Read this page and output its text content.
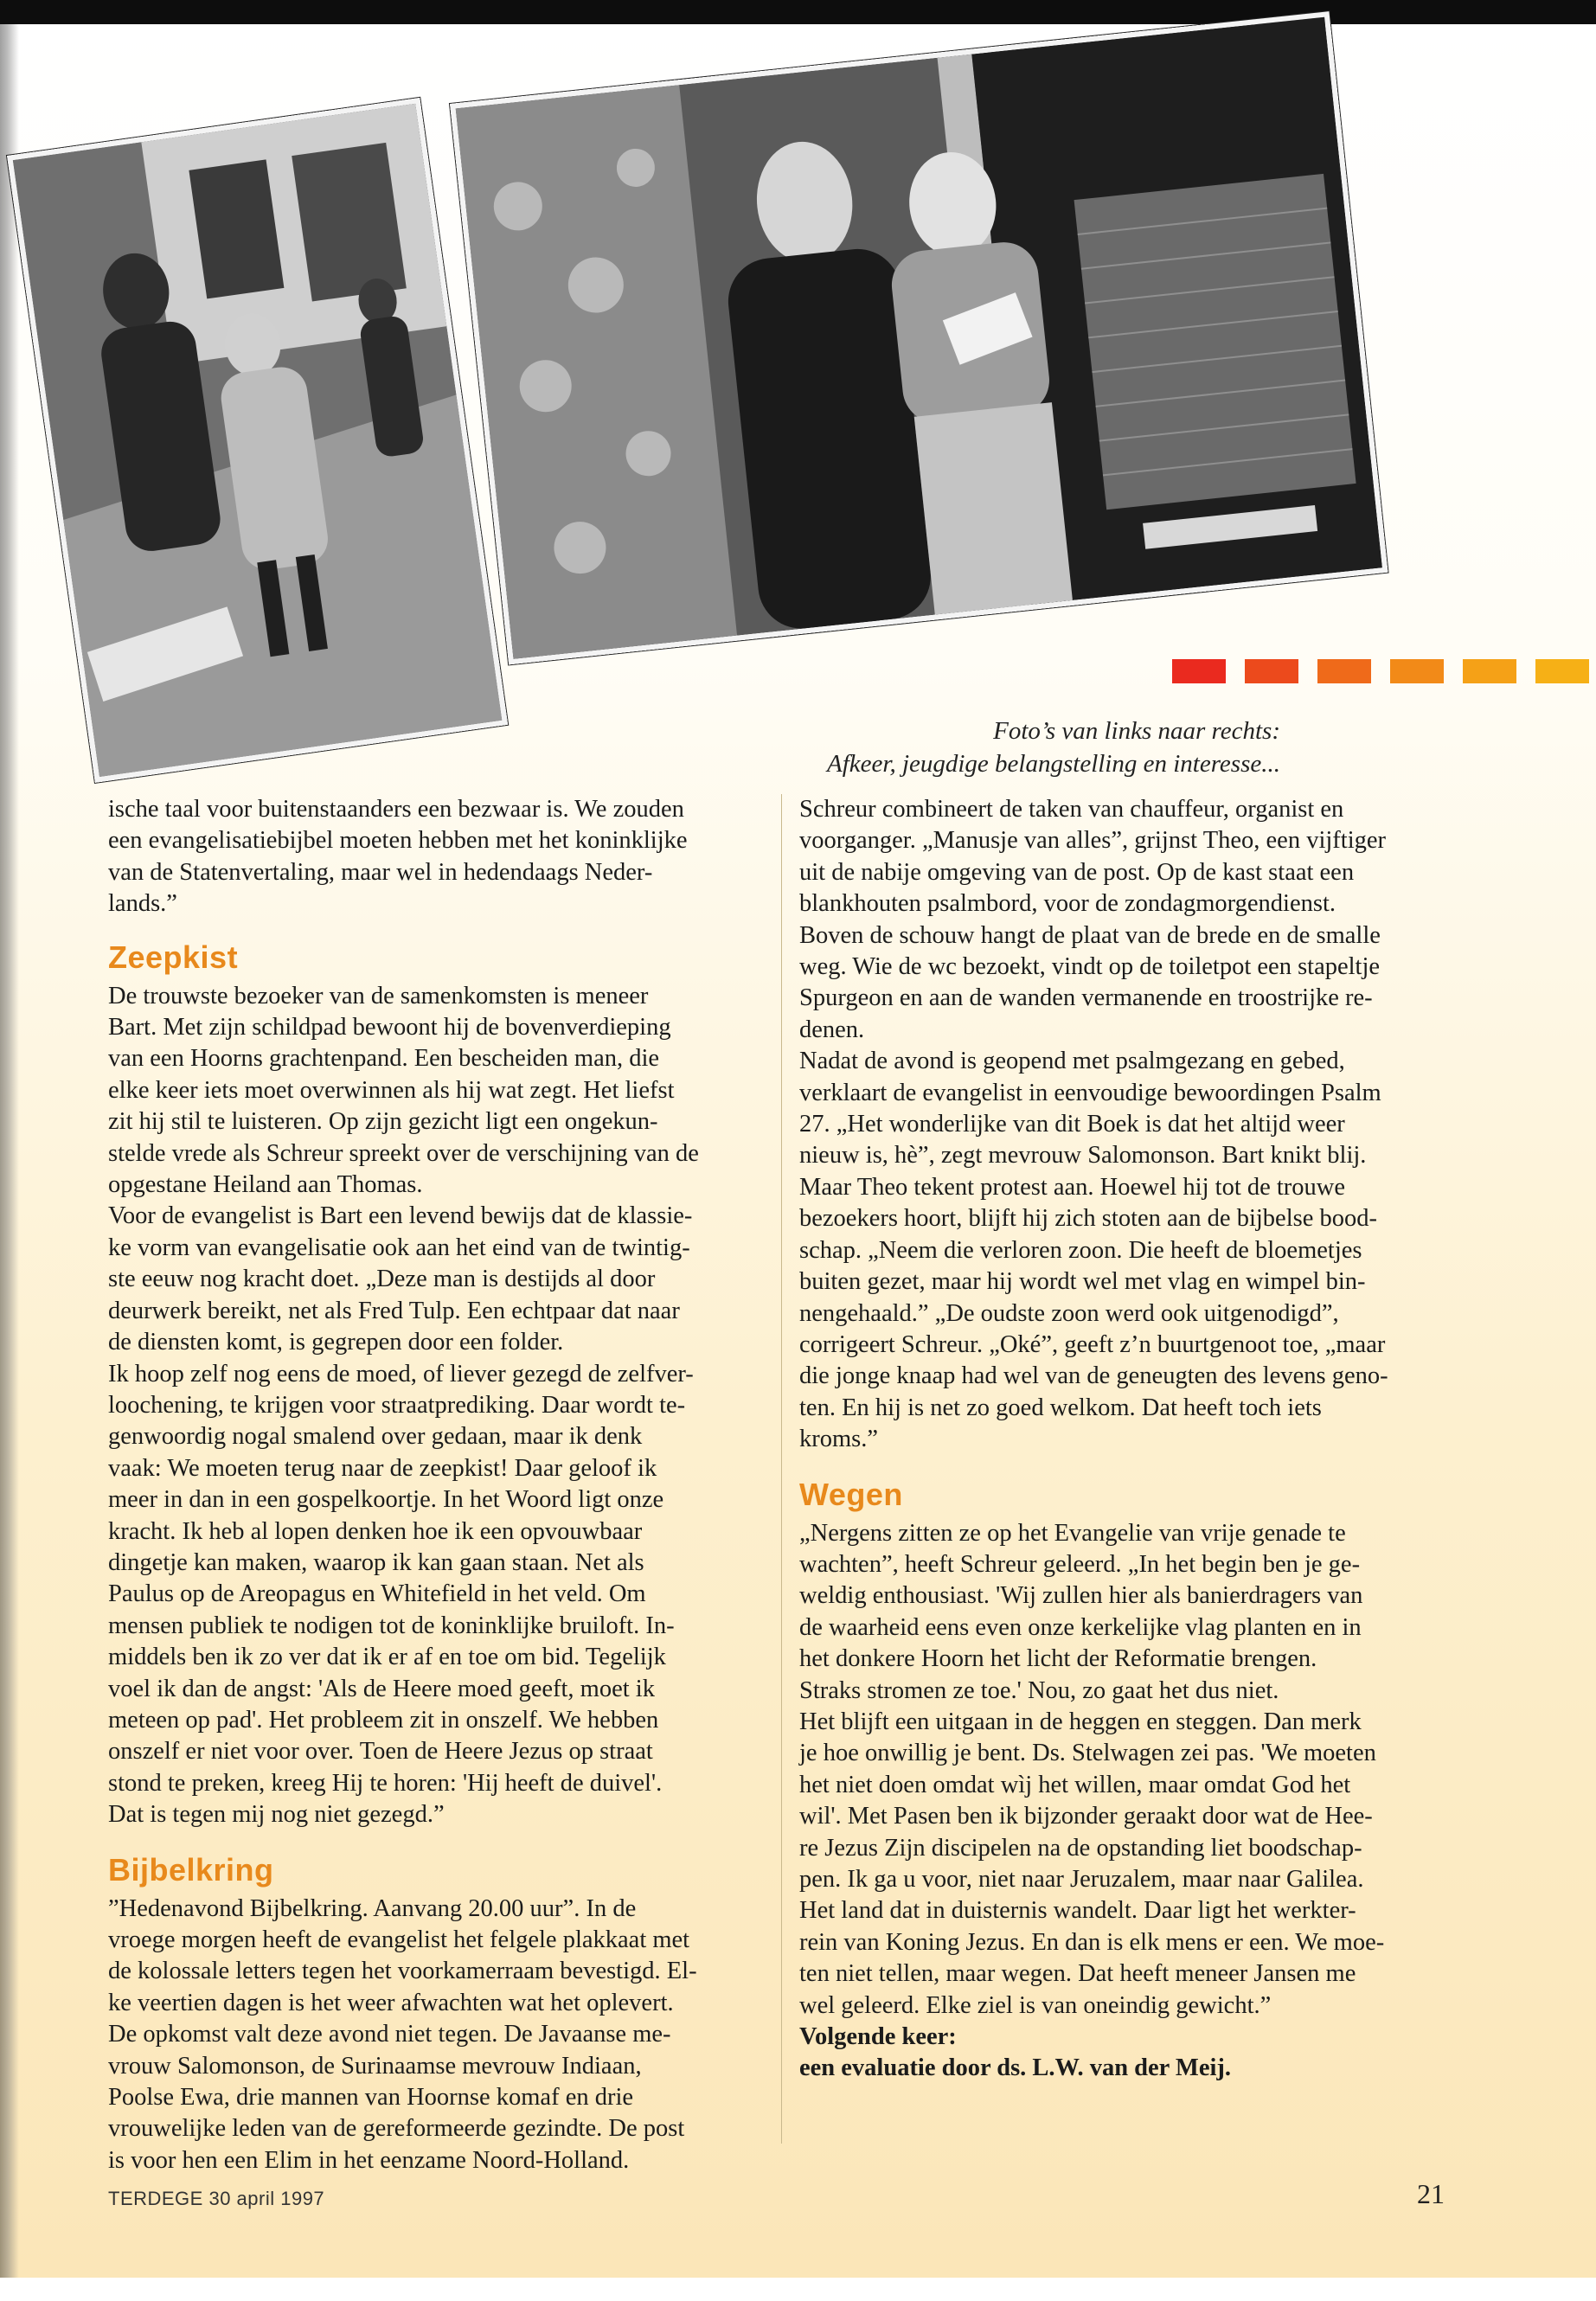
Foto’s van links naar rechts:
Afkeer, jeugdige belangstelling en interesse...

ische taal voor buitenstaanders een bezwaar is. We zouden
een evangelisatiebijbel moeten hebben met het koninklijke
van de Statenvertaling, maar wel in hedendaags Neder-
lands.”

Zeepkist

De trouwste bezoeker van de samenkomsten is meneer
Bart. Met zijn schildpad bewoont hij de bovenverdieping
van een Hoorns grachtenpand. Een bescheiden man, die
elke keer iets moet overwinnen als hij wat zegt. Het liefst
zit hij stil te luisteren. Op zijn gezicht ligt een ongekun-
stelde vrede als Schreur spreekt over de verschijning van de
opgestane Heiland aan Thomas.

Voor de evangelist is Bart een levend bewijs dat de klassie-
ke vorm van evangelisatie ook aan het eind van de twintig-
ste eeuw nog kracht doet. „Deze man is destijds al door
deurwerk bereikt, net als Fred Tulp. Een echtpaar dat naar
de diensten komt, is gegrepen door een folder.

Ik hoop zelf nog eens de moed, of liever gezegd de zelfver-
loochening, te krijgen voor straatprediking. Daar wordt te-
genwoordig nogal smalend over gedaan, maar ik denk
vaak: We moeten terug naar de zeepkist! Daar geloof ik
meer in dan in een gospelkoortje. In het Woord ligt onze
kracht. Ik heb al lopen denken hoe ik een opvouwbaar
dingetje kan maken, waarop ik kan gaan staan. Net als
Paulus op de Areopagus en Whitefield in het veld. Om
mensen publiek te nodigen tot de koninklijke bruiloft. In-
middels ben ik zo ver dat ik er af en toe om bid. Tegelijk
voel ik dan de angst: 'Als de Heere moed geeft, moet ik
meteen op pad'. Het probleem zit in onszelf. We hebben
onszelf er niet voor over. Toen de Heere Jezus op straat
stond te preken, kreeg Hij te horen: 'Hij heeft de duivel'.
Dat is tegen mij nog niet gezegd.”

Bijbelkring

”Hedenavond Bijbelkring. Aanvang 20.00 uur”. In de
vroege morgen heeft de evangelist het felgele plakkaat met
de kolossale letters tegen het voorkamerraam bevestigd. El-
ke veertien dagen is het weer afwachten wat het oplevert.
De opkomst valt deze avond niet tegen. De Javaanse me-
vrouw Salomonson, de Surinaamse mevrouw Indiaan,
Poolse Ewa, drie mannen van Hoornse komaf en drie
vrouwelijke leden van de gereformeerde gezindte. De post
is voor hen een Elim in het eenzame Noord-Holland.

Schreur combineert de taken van chauffeur, organist en
voorganger. „Manusje van alles”, grijnst Theo, een vijftiger
uit de nabije omgeving van de post. Op de kast staat een
blankhouten psalmbord, voor de zondagmorgendienst.
Boven de schouw hangt de plaat van de brede en de smalle
weg. Wie de wc bezoekt, vindt op de toiletpot een stapeltje
Spurgeon en aan de wanden vermanende en troostrijke re-
denen.

Nadat de avond is geopend met psalmgezang en gebed,
verklaart de evangelist in eenvoudige bewoordingen Psalm
27. „Het wonderlijke van dit Boek is dat het altijd weer
nieuw is, hè”, zegt mevrouw Salomonson. Bart knikt blij.
Maar Theo tekent protest aan. Hoewel hij tot de trouwe
bezoekers hoort, blijft hij zich stoten aan de bijbelse bood-
schap. „Neem die verloren zoon. Die heeft de bloemetjes
buiten gezet, maar hij wordt wel met vlag en wimpel bin-
nengehaald.” „De oudste zoon werd ook uitgenodigd”,
corrigeert Schreur. „Oké”, geeft z’n buurtgenoot toe, „maar
die jonge knaap had wel van de geneugten des levens geno-
ten. En hij is net zo goed welkom. Dat heeft toch iets
kroms.”

Wegen

„Nergens zitten ze op het Evangelie van vrije genade te
wachten”, heeft Schreur geleerd. „In het begin ben je ge-
weldig enthousiast. 'Wij zullen hier als banierdragers van
de waarheid eens even onze kerkelijke vlag planten en in
het donkere Hoorn het licht der Reformatie brengen.
Straks stromen ze toe.' Nou, zo gaat het dus niet.

Het blijft een uitgaan in de heggen en steggen. Dan merk
je hoe onwillig je bent. Ds. Stelwagen zei pas. 'We moeten
het niet doen omdat wìj het willen, maar omdat God het
wil'. Met Pasen ben ik bijzonder geraakt door wat de Hee-
re Jezus Zijn discipelen na de opstanding liet boodschap-
pen. Ik ga u voor, niet naar Jeruzalem, maar naar Galilea.
Het land dat in duisternis wandelt. Daar ligt het werkter-
rein van Koning Jezus. En dan is elk mens er een. We moe-
ten niet tellen, maar wegen. Dat heeft meneer Jansen me
wel geleerd. Elke ziel is van oneindig gewicht.”

Volgende keer:
een evaluatie door ds. L.W. van der Meij.

TERDEGE 30 april 1997	21
